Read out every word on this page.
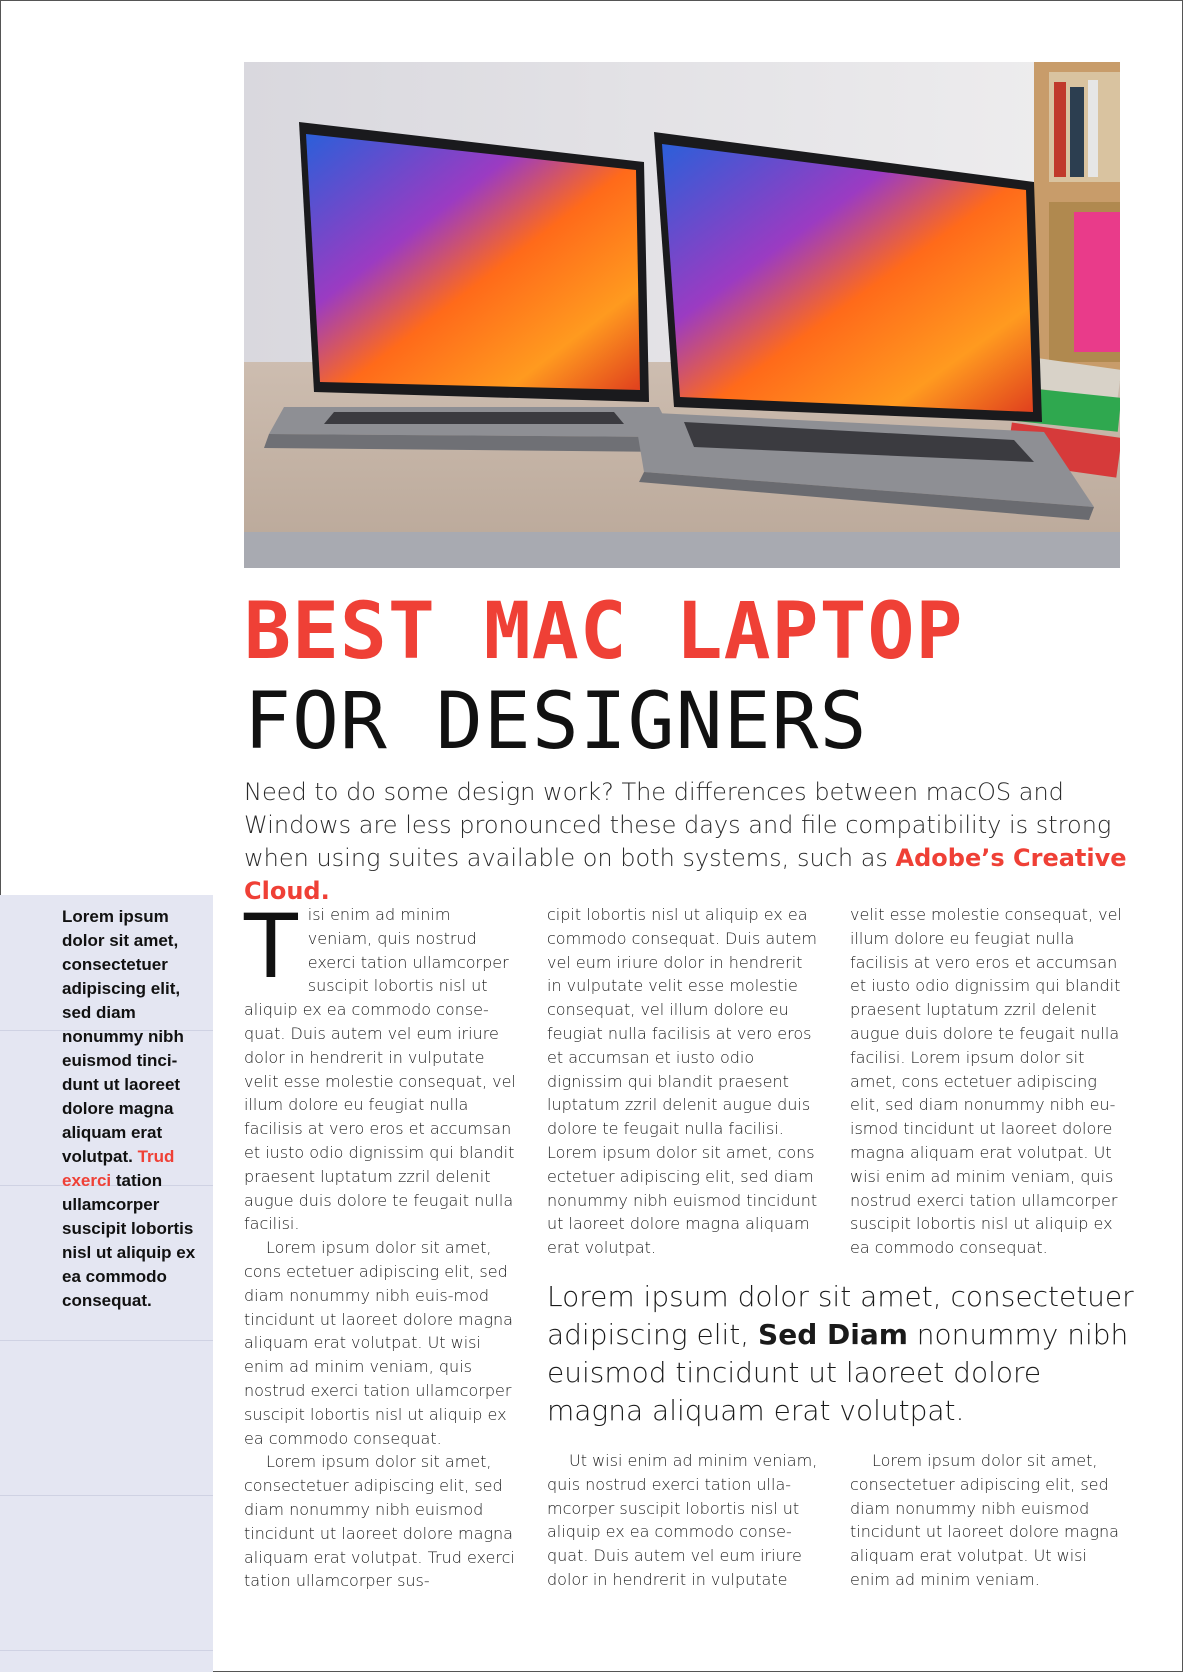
BEST MAC LAPTOP
FOR DESIGNERS
Need to do some design work? The differences between macOS and Windows are less pronounced these days and file compatibility is strong when using suites available on both systems, such as Adobe’s Creative Cloud.
Lorem ipsum dolor sit amet, consectetuer adipiscing elit, sed diam nonummy nibh euismod tinci-dunt ut laoreet dolore magna aliquam erat volutpat. Trud exerci tation ullamcorper suscipit lobortis nisl ut aliquip ex ea commodo consequat.

Tisi enim ad minim veniam, quis nostrud exerci tation ullamcorper suscipit lobortis nisl ut aliquip ex ea commodo conse-quat. Duis autem vel eum iriure dolor in hendrerit in vulputate velit esse molestie consequat, vel illum dolore eu feugiat nulla facilisis at vero eros et accumsan et iusto odio dignissim qui blandit praesent luptatum zzril delenit augue duis dolore te feugait nulla facilisi.

Lorem ipsum dolor sit amet, cons ectetuer adipiscing elit, sed diam nonummy nibh euis-mod tincidunt ut laoreet dolore magna aliquam erat volutpat. Ut wisi enim ad minim veniam, quis nostrud exerci tation ullamcorper suscipit lobortis nisl ut aliquip ex ea commodo consequat.

Lorem ipsum dolor sit amet, consectetuer adipiscing elit, sed diam nonummy nibh euismod tincidunt ut laoreet dolore magna aliquam erat volutpat. Trud exerci tation ullamcorper sus-

cipit lobortis nisl ut aliquip ex ea commodo consequat. Duis autem vel eum iriure dolor in hendrerit in vulputate velit esse molestie consequat, vel illum dolore eu feugiat nulla facilisis at vero eros et accumsan et iusto odio dignissim qui blandit praesent luptatum zzril delenit augue duis dolore te feugait nulla facilisi. Lorem ipsum dolor sit amet, cons ectetuer adipiscing elit, sed diam nonummy nibh euismod tincidunt ut laoreet dolore magna aliquam erat volutpat.

velit esse molestie consequat, vel illum dolore eu feugiat nulla facilisis at vero eros et accumsan et iusto odio dignissim qui blandit praesent luptatum zzril delenit augue duis dolore te feugait nulla facilisi. Lorem ipsum dolor sit amet, cons ectetuer adipiscing elit, sed diam nonummy nibh eu-ismod tincidunt ut laoreet dolore magna aliquam erat volutpat. Ut wisi enim ad minim veniam, quis nostrud exerci tation ullamcorper suscipit lobortis nisl ut aliquip ex ea commodo consequat.

Lorem ipsum dolor sit amet, consectetuer adipiscing elit, Sed Diam nonummy nibh euismod tincidunt ut laoreet dolore magna aliquam erat volutpat.

Ut wisi enim ad minim veniam, quis nostrud exerci tation ulla-mcorper suscipit lobortis nisl ut aliquip ex ea commodo conse-quat. Duis autem vel eum iriure dolor in hendrerit in vulputate

Lorem ipsum dolor sit amet, consectetuer adipiscing elit, sed diam nonummy nibh euismod tincidunt ut laoreet dolore magna aliquam erat volutpat. Ut wisi enim ad minim veniam.
